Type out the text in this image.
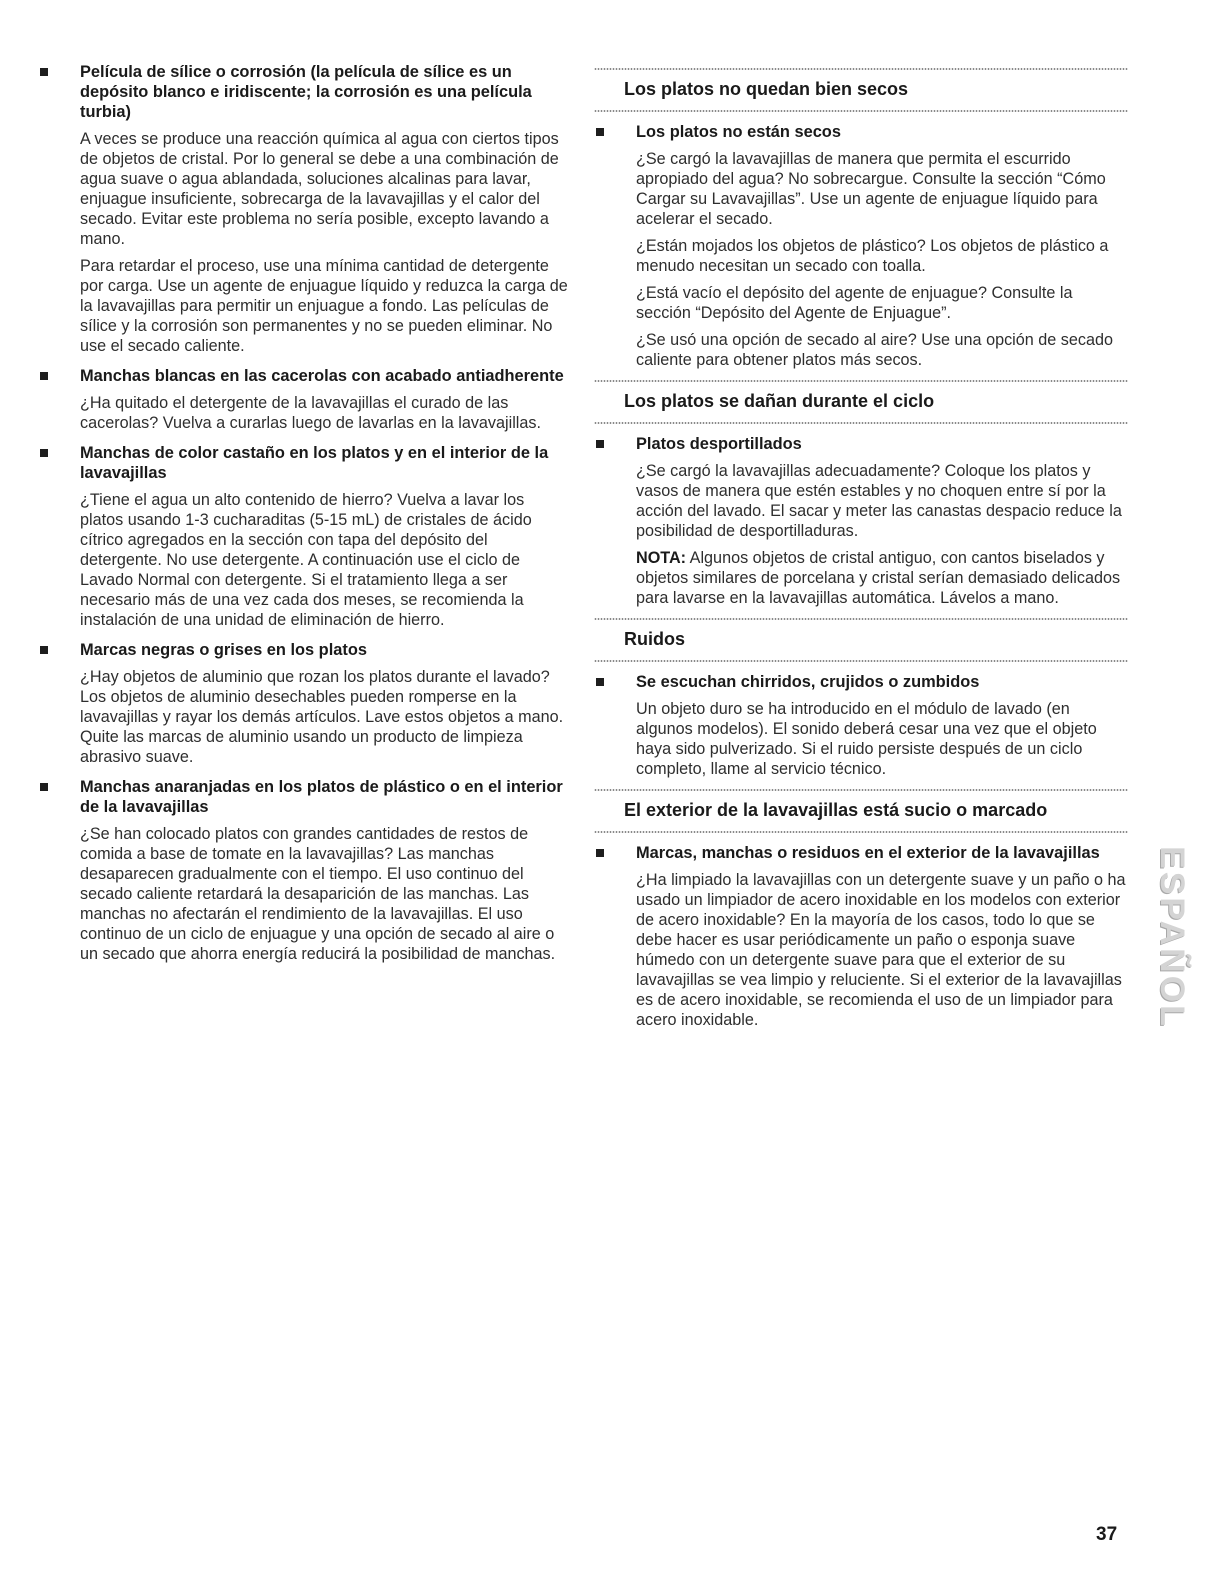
Película de sílice o corrosión (la película de sílice es un depósito blanco e iridiscente; la corrosión es una película turbia)

A veces se produce una reacción química al agua con ciertos tipos de objetos de cristal. Por lo general se debe a una combinación de agua suave o agua ablandada, soluciones alcalinas para lavar, enjuague insuficiente, sobrecarga de la lavavajillas y el calor del secado. Evitar este problema no sería posible, excepto lavando a mano.

Para retardar el proceso, use una mínima cantidad de detergente por carga. Use un agente de enjuague líquido y reduzca la carga de la lavavajillas para permitir un enjuague a fondo. Las películas de sílice y la corrosión son permanentes y no se pueden eliminar. No use el secado caliente.

Manchas blancas en las cacerolas con acabado antiadherente

¿Ha quitado el detergente de la lavavajillas el curado de las cacerolas? Vuelva a curarlas luego de lavarlas en la lavavajillas.

Manchas de color castaño en los platos y en el interior de la lavavajillas

¿Tiene el agua un alto contenido de hierro? Vuelva a lavar los platos usando 1-3 cucharaditas (5-15 mL) de cristales de ácido cítrico agregados en la sección con tapa del depósito del detergente. No use detergente. A continuación use el ciclo de Lavado Normal con detergente. Si el tratamiento llega a ser necesario más de una vez cada dos meses, se recomienda la instalación de una unidad de eliminación de hierro.

Marcas negras o grises en los platos

¿Hay objetos de aluminio que rozan los platos durante el lavado? Los objetos de aluminio desechables pueden romperse en la lavavajillas y rayar los demás artículos. Lave estos objetos a mano. Quite las marcas de aluminio usando un producto de limpieza abrasivo suave.

Manchas anaranjadas en los platos de plástico o en el interior de la lavavajillas

¿Se han colocado platos con grandes cantidades de restos de comida a base de tomate en la lavavajillas? Las manchas desaparecen gradualmente con el tiempo. El uso continuo del secado caliente retardará la desaparición de las manchas. Las manchas no afectarán el rendimiento de la lavavajillas. El uso continuo de un ciclo de enjuague y una opción de secado al aire o un secado que ahorra energía reducirá la posibilidad de manchas.

Los platos no quedan bien secos
Los platos no están secos

¿Se cargó la lavavajillas de manera que permita el escurrido apropiado del agua? No sobrecargue. Consulte la sección “Cómo Cargar su Lavavajillas”. Use un agente de enjuague líquido para acelerar el secado.

¿Están mojados los objetos de plástico? Los objetos de plástico a menudo necesitan un secado con toalla.

¿Está vacío el depósito del agente de enjuague? Consulte la sección “Depósito del Agente de Enjuague”.

¿Se usó una opción de secado al aire? Use una opción de secado caliente para obtener platos más secos.

Los platos se dañan durante el ciclo
Platos desportillados

¿Se cargó la lavavajillas adecuadamente? Coloque los platos y vasos de manera que estén estables y no choquen entre sí por la acción del lavado. El sacar y meter las canastas despacio reduce la posibilidad de desportilladuras.

NOTA: Algunos objetos de cristal antiguo, con cantos biselados y objetos similares de porcelana y cristal serían demasiado delicados para lavarse en la lavavajillas automática. Lávelos a mano.

Ruidos
Se escuchan chirridos, crujidos o zumbidos

Un objeto duro se ha introducido en el módulo de lavado (en algunos modelos). El sonido deberá cesar una vez que el objeto haya sido pulverizado. Si el ruido persiste después de un ciclo completo, llame al servicio técnico.

El exterior de la lavavajillas está sucio o marcado
Marcas, manchas o residuos en el exterior de la lavavajillas

¿Ha limpiado la lavavajillas con un detergente suave y un paño o ha usado un limpiador de acero inoxidable en los modelos con exterior de acero inoxidable? En la mayoría de los casos, todo lo que se debe hacer es usar periódicamente un paño o esponja suave húmedo con un detergente suave para que el exterior de su lavavajillas se vea limpio y reluciente. Si el exterior de la lavavajillas es de acero inoxidable, se recomienda el uso de un limpiador para acero inoxidable.	ESPAÑOL
37
